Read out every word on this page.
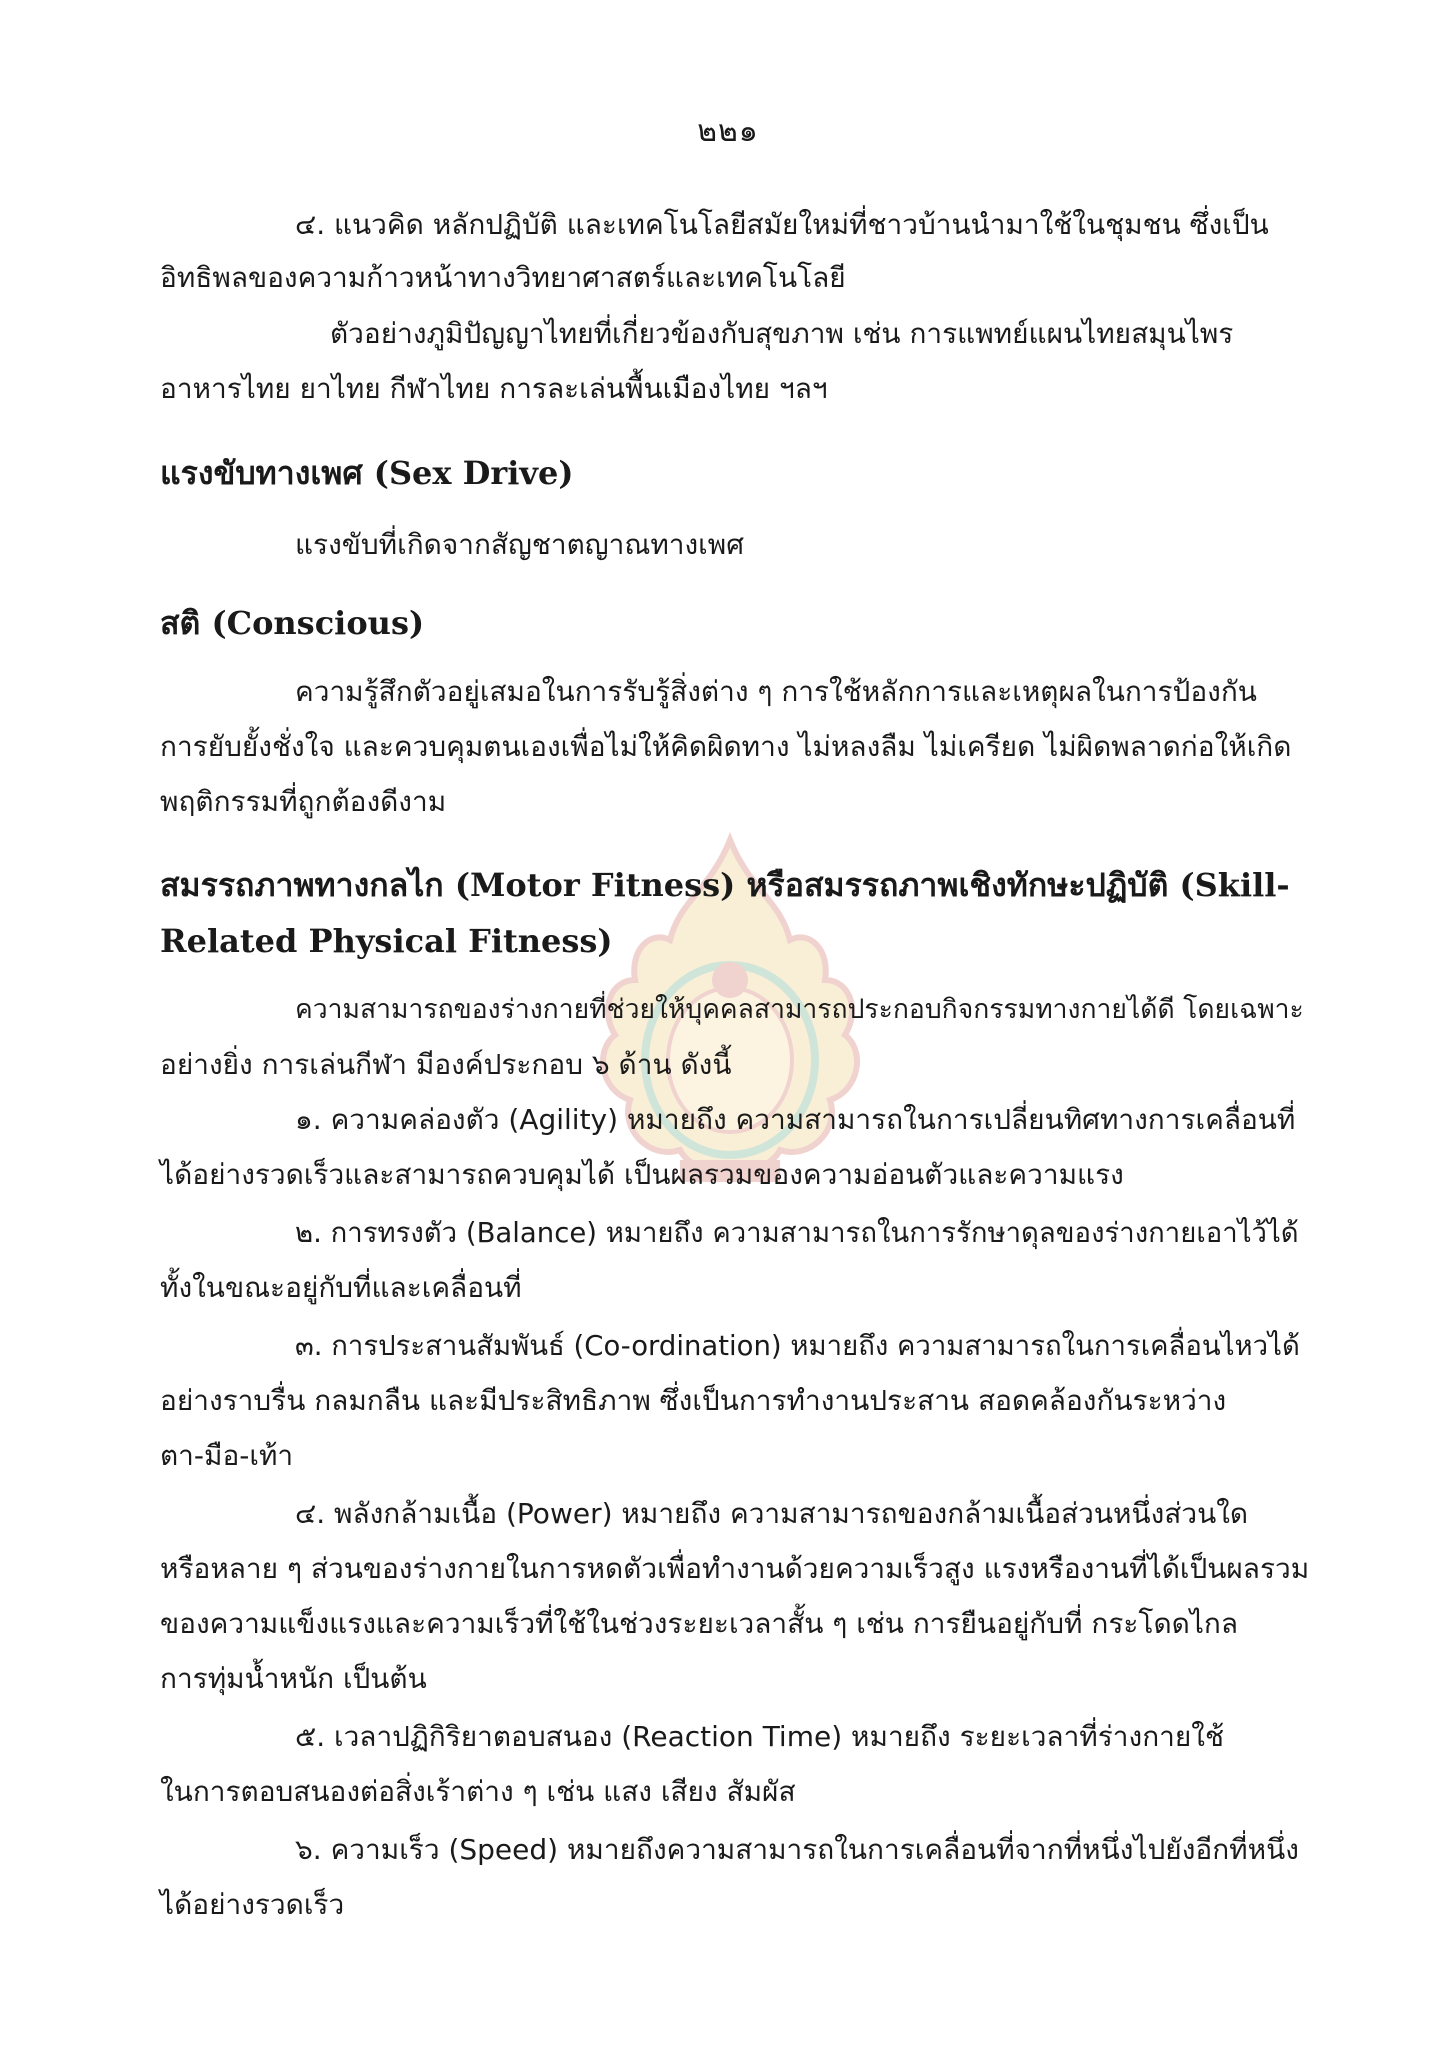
๒๒๑
๔. แนวคิด หลักปฏิบัติ และเทคโนโลยีสมัยใหม่ที่ชาวบ้านนำมาใช้ในชุมชน ซึ่งเป็น
อิทธิพลของความก้าวหน้าทางวิทยาศาสตร์และเทคโนโลยี
ตัวอย่างภูมิปัญญาไทยที่เกี่ยวข้องกับสุขภาพ เช่น การแพทย์แผนไทยสมุนไพร
อาหารไทย ยาไทย กีฬาไทย การละเล่นพื้นเมืองไทย ฯลฯ
แรงขับทางเพศ (Sex Drive)
แรงขับที่เกิดจากสัญชาตญาณทางเพศ
สติ (Conscious)
ความรู้สึกตัวอยู่เสมอในการรับรู้สิ่งต่าง ๆ การใช้หลักการและเหตุผลในการป้องกัน
การยับยั้งชั่งใจ และควบคุมตนเองเพื่อไม่ให้คิดผิดทาง ไม่หลงลืม ไม่เครียด ไม่ผิดพลาดก่อให้เกิด
พฤติกรรมที่ถูกต้องดีงาม
สมรรถภาพทางกลไก (Motor Fitness) หรือสมรรถภาพเชิงทักษะปฏิบัติ (Skill-
Related Physical Fitness)
ความสามารถของร่างกายที่ช่วยให้บุคคลสามารถประกอบกิจกรรมทางกายได้ดี โดยเฉพาะ
อย่างยิ่ง การเล่นกีฬา มีองค์ประกอบ ๖ ด้าน ดังนี้
๑. ความคล่องตัว (Agility) หมายถึง ความสามารถในการเปลี่ยนทิศทางการเคลื่อนที่
ได้อย่างรวดเร็วและสามารถควบคุมได้ เป็นผลรวมของความอ่อนตัวและความแรง
๒. การทรงตัว (Balance) หมายถึง ความสามารถในการรักษาดุลของร่างกายเอาไว้ได้
ทั้งในขณะอยู่กับที่และเคลื่อนที่
๓. การประสานสัมพันธ์ (Co-ordination) หมายถึง ความสามารถในการเคลื่อนไหวได้
อย่างราบรื่น กลมกลืน และมีประสิทธิภาพ ซึ่งเป็นการทำงานประสาน สอดคล้องกันระหว่าง
ตา-มือ-เท้า
๔. พลังกล้ามเนื้อ (Power) หมายถึง ความสามารถของกล้ามเนื้อส่วนหนึ่งส่วนใด
หรือหลาย ๆ ส่วนของร่างกายในการหดตัวเพื่อทำงานด้วยความเร็วสูง แรงหรืองานที่ได้เป็นผลรวม
ของความแข็งแรงและความเร็วที่ใช้ในช่วงระยะเวลาสั้น ๆ เช่น การยืนอยู่กับที่ กระโดดไกล
การทุ่มน้ำหนัก เป็นต้น
๕. เวลาปฏิกิริยาตอบสนอง (Reaction Time) หมายถึง ระยะเวลาที่ร่างกายใช้
ในการตอบสนองต่อสิ่งเร้าต่าง ๆ เช่น แสง เสียง สัมผัส
๖. ความเร็ว (Speed) หมายถึงความสามารถในการเคลื่อนที่จากที่หนึ่งไปยังอีกที่หนึ่ง
ได้อย่างรวดเร็ว
